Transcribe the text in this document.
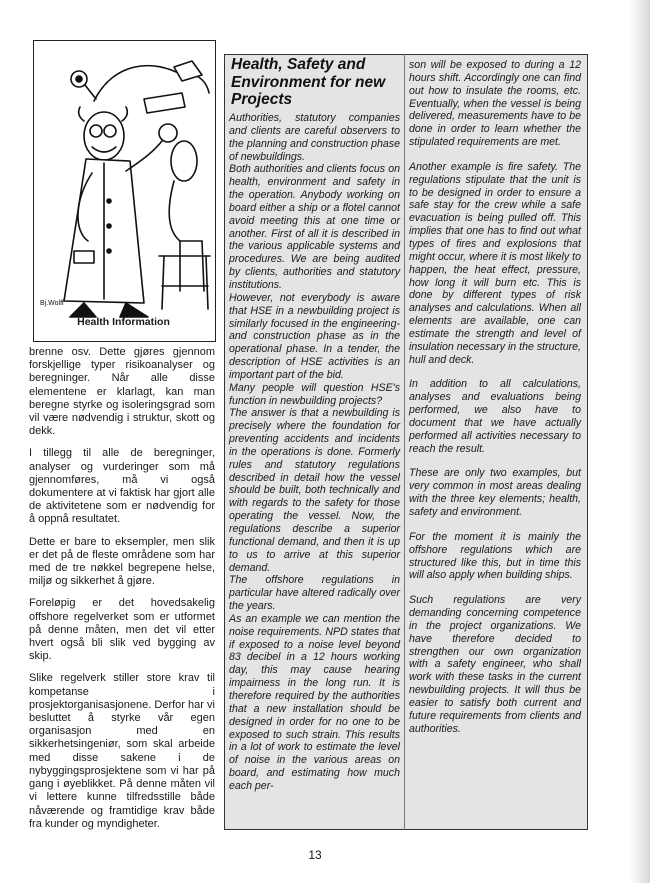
Bj.Wolff
Health Information

brenne osv. Dette gjøres gjennom forskjellige typer risikoanalyser og beregninger. Når alle disse elementene er klarlagt, kan man beregne styrke og isoleringsgrad som vil være nødvendig i struktur, skott og dekk.

I tillegg til alle de beregninger, analyser og vurderinger som må gjennomføres, må vi også dokumentere at vi faktisk har gjort alle de aktivitetene som er nødvendig for å oppnå resultatet.

Dette er bare to eksempler, men slik er det på de fleste områdene som har med de tre nøkkel begrepene helse, miljø og sikkerhet å gjøre.

Foreløpig er det hovedsakelig offshore regelverket som er utformet på denne måten, men det vil etter hvert også bli slik ved bygging av skip.

Slike regelverk stiller store krav til kompetanse i prosjektorganisasjonene. Derfor har vi besluttet å styrke vår egen organisasjon med en sikkerhetsingeniør, som skal arbeide med disse sakene i de nybyggingsprosjektene som vi har på gang i øyeblikket. På denne måten vil vi lettere kunne tilfredsstille både nåværende og framtidige krav både fra kunder og myndigheter.

Health, Safety and Environment for new Projects

Authorities, statutory companies and clients are careful observers to the planning and construction phase of newbuildings.

Both authorities and clients focus on health, environment and safety in the operation. Anybody working on board either a ship or a flotel cannot avoid meeting this at one time or another. First of all it is described in the various applicable systems and procedures. We are being audited by clients, authorities and statutory institutions.

However, not everybody is aware that HSE in a newbuilding project is similarly focused in the engineering- and construction phase as in the operational phase. In a tender, the description of HSE activities is an important part of the bid.

Many people will question HSE's function in newbuilding projects?

The answer is that a newbuilding is precisely where the foundation for preventing accidents and incidents in the operations is done. Formerly rules and statutory regulations described in detail how the vessel should be built, both technically and with regards to the safety for those operating the vessel. Now, the regulations describe a superior functional demand, and then it is up to us to arrive at this superior demand.

The offshore regulations in particular have altered radically over the years.

As an example we can mention the noise requirements. NPD states that if exposed to a noise level beyond 83 decibel in a 12 hours working day, this may cause hearing impairness in the long run. It is therefore required by the authorities that a new installation should be designed in order for no one to be exposed to such strain. This results in a lot of work to estimate the level of noise in the various areas on board, and estimating how much each per-

son will be exposed to during a 12 hours shift. Accordingly one can find out how to insulate the rooms, etc. Eventually, when the vessel is being delivered, measurements have to be done in order to learn whether the stipulated requirements are met.

Another example is fire safety. The regulations stipulate that the unit is to be designed in order to ensure a safe stay for the crew while a safe evacuation is being pulled off. This implies that one has to find out what types of fires and explosions that might occur, where it is most likely to happen, the heat effect, pressure, how long it will burn etc. This is done by different types of risk analyses and calculations. When all elements are available, one can estimate the strength and level of insulation necessary in the structure, hull and deck.

In addition to all calculations, analyses and evaluations being performed, we also have to document that we have actually performed all activities necessary to reach the result.

These are only two examples, but very common in most areas dealing with the three key elements; health, safety and environment.

For the moment it is mainly the offshore regulations which are structured like this, but in time this will also apply when building ships.

Such regulations are very demanding concerning competence in the project organizations. We have therefore decided to strengthen our own organization with a safety engineer, who shall work with these tasks in the current newbuilding projects. It will thus be easier to satisfy both current and future requirements from clients and authorities.

13
